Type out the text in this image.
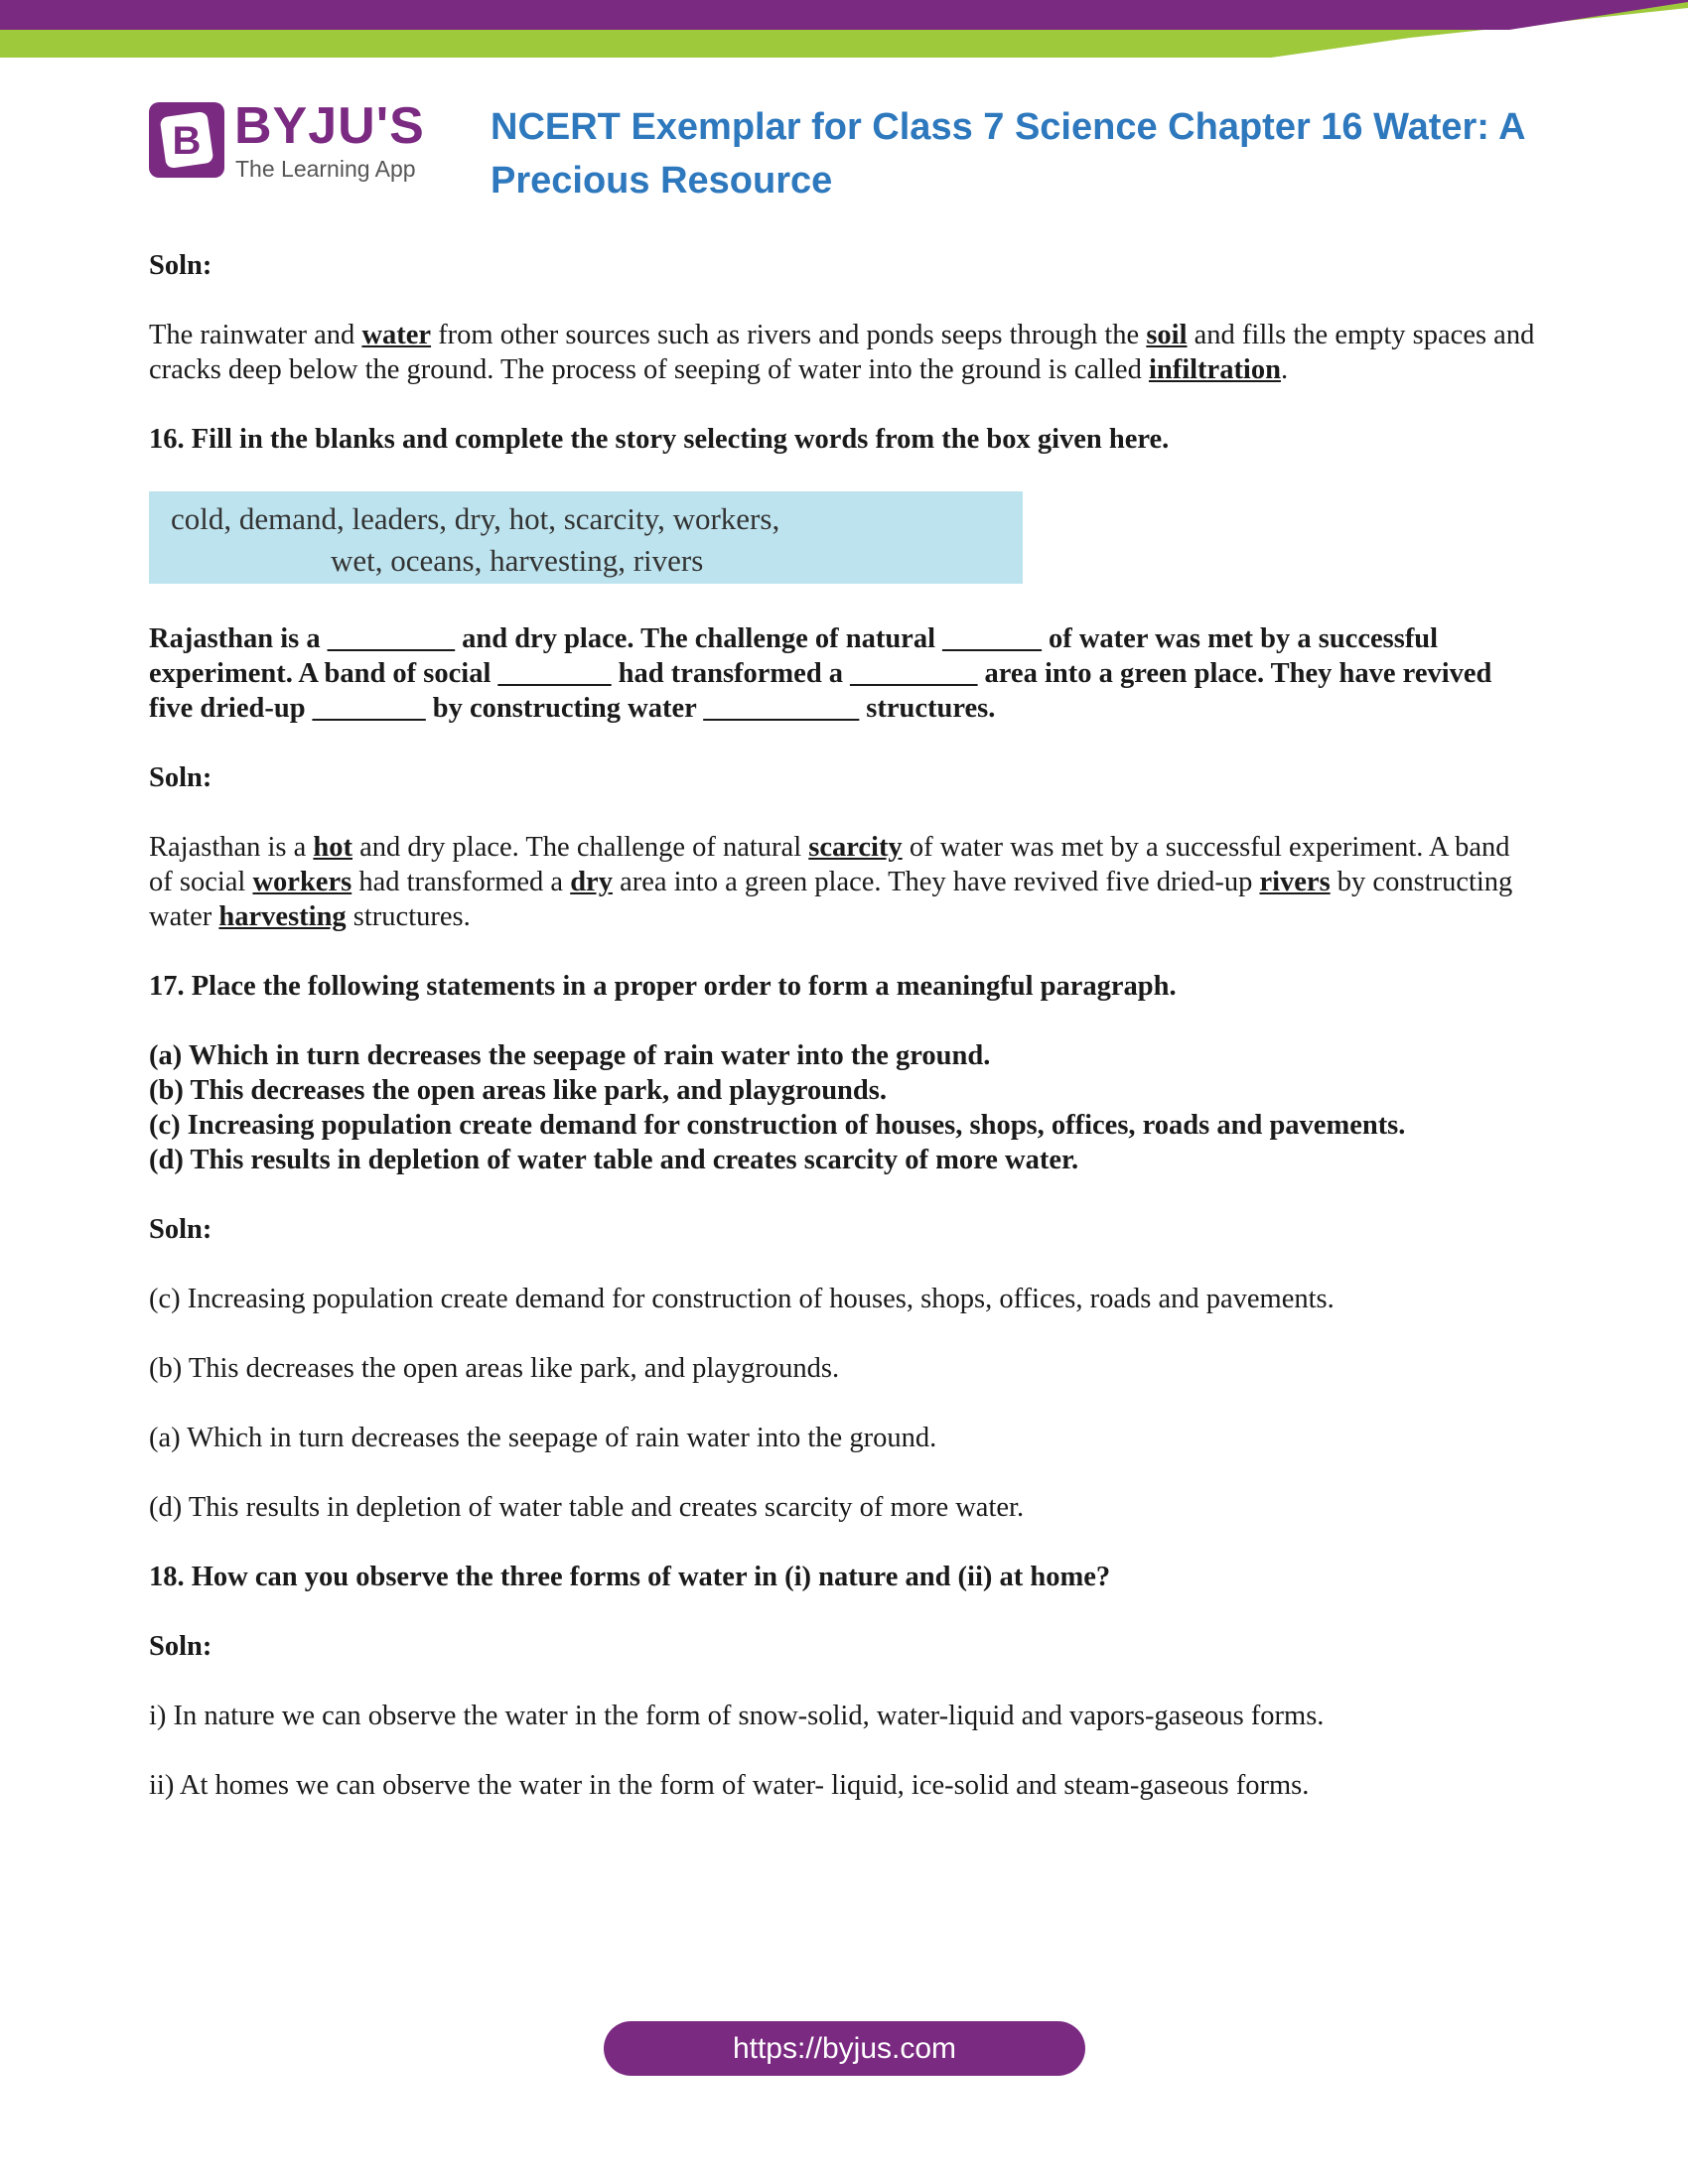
B BYJU'S
The Learning App
NCERT Exemplar for Class 7 Science Chapter 16 Water: A Precious Resource

Soln:

The rainwater and water from other sources such as rivers and ponds seeps through the soil and fills the empty spaces and cracks deep below the ground. The process of seeping of water into the ground is called infiltration.

16. Fill in the blanks and complete the story selecting words from the box given here.

cold, demand, leaders, dry, hot, scarcity, workers,
wet, oceans, harvesting, rivers

Rajasthan is a _________ and dry place. The challenge of natural _______ of water was met by a successful experiment. A band of social ________ had transformed a _________ area into a green place. They have revived five dried-up ________ by constructing water ___________ structures.

Soln:

Rajasthan is a hot and dry place. The challenge of natural scarcity of water was met by a successful experiment. A band of social workers had transformed a dry area into a green place. They have revived five dried-up rivers by constructing water harvesting structures.

17. Place the following statements in a proper order to form a meaningful paragraph.

(a) Which in turn decreases the seepage of rain water into the ground.
(b) This decreases the open areas like park, and playgrounds.
(c) Increasing population create demand for construction of houses, shops, offices, roads and pavements.
(d) This results in depletion of water table and creates scarcity of more water.

Soln:

(c) Increasing population create demand for construction of houses, shops, offices, roads and pavements.

(b) This decreases the open areas like park, and playgrounds.

(a) Which in turn decreases the seepage of rain water into the ground.

(d) This results in depletion of water table and creates scarcity of more water.

18. How can you observe the three forms of water in (i) nature and (ii) at home?

Soln:

i) In nature we can observe the water in the form of snow-solid, water-liquid and vapors-gaseous forms.

ii) At homes we can observe the water in the form of water- liquid, ice-solid and steam-gaseous forms.

https://byjus.com
